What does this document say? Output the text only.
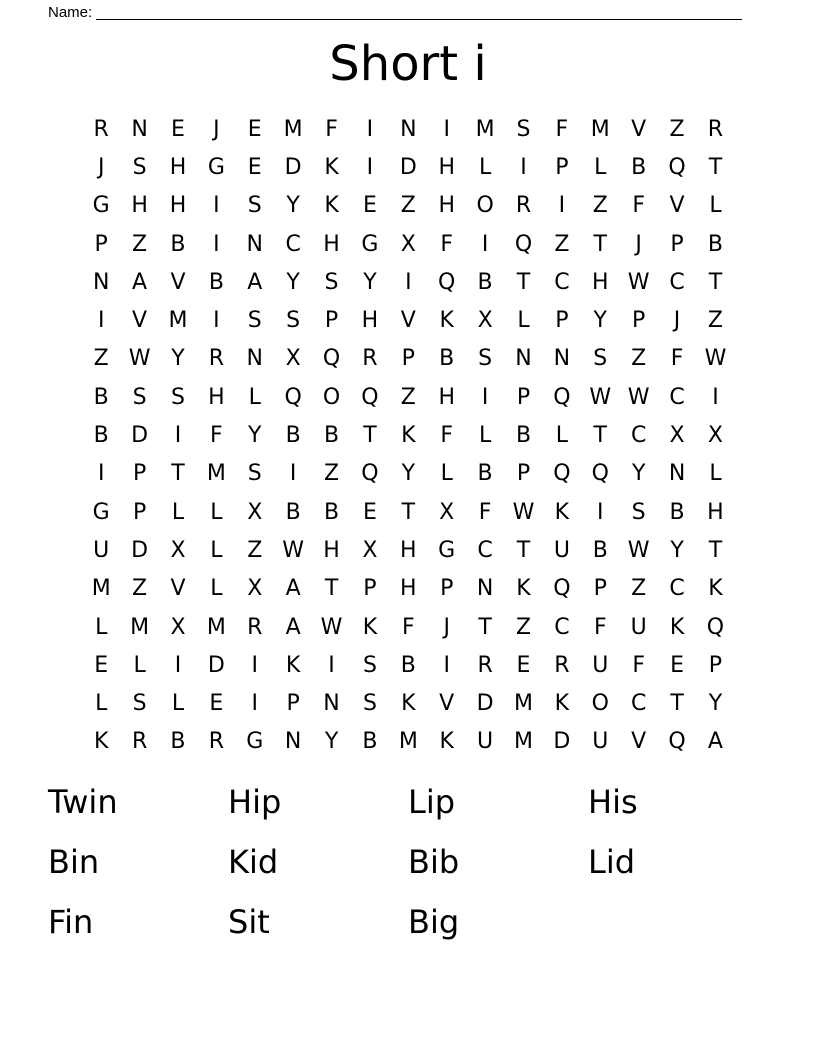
Name:
Short i
R	N	E	J	E M	F	I	N	I	M S	F	M V	Z	R
J	S	H G	E	D	K	I	D H	L	I	P	L	B	Q	T
G H H	I	S	Y	K	E	Z	H O	R	I	Z	F	V	L
P	Z	B	I	N	C	H G	X	F	I	Q	Z	T	J	P	B
N	A	V	B	A	Y	S	Y	I	Q	B	T	C	H W C	T
I	V M	I	S	S	P	H	V	K	X	L	P	Y	P	J	Z
Z W Y	R	N	X	Q	R	P	B	S	N N	S	Z	F W
B	S	S	H	L	Q O Q	Z	H	I	P	Q W W C	I
B	D	I	F	Y	B	B	T	K	F	L	B	L	T	C	X	X
I	P	T	M S	I	Z	Q	Y	L	B	P	Q Q	Y	N	L
G	P	L	L	X	B	B	E	T	X	F W K	I	S	B	H
U D	X	L	Z W H	X	H G	C	T	U	B W Y	T
M Z	V	L	X	A	T	P	H	P	N	K	Q	P	Z	C	K
L	M X M R	A W K	F	J	T	Z	C	F	U	K	Q
E	L	I	D	I	K	I	S	B	I	R	E	R	U	F	E	P
L	S	L	E	I	P	N	S	K	V	D M K	O	C	T	Y
K	R	B	R	G N	Y	B M K	U M D U	V	Q	A
Twin	Hip	Lip	His
Bin	Kid	Bib	Lid
Fin	Sit	Big
